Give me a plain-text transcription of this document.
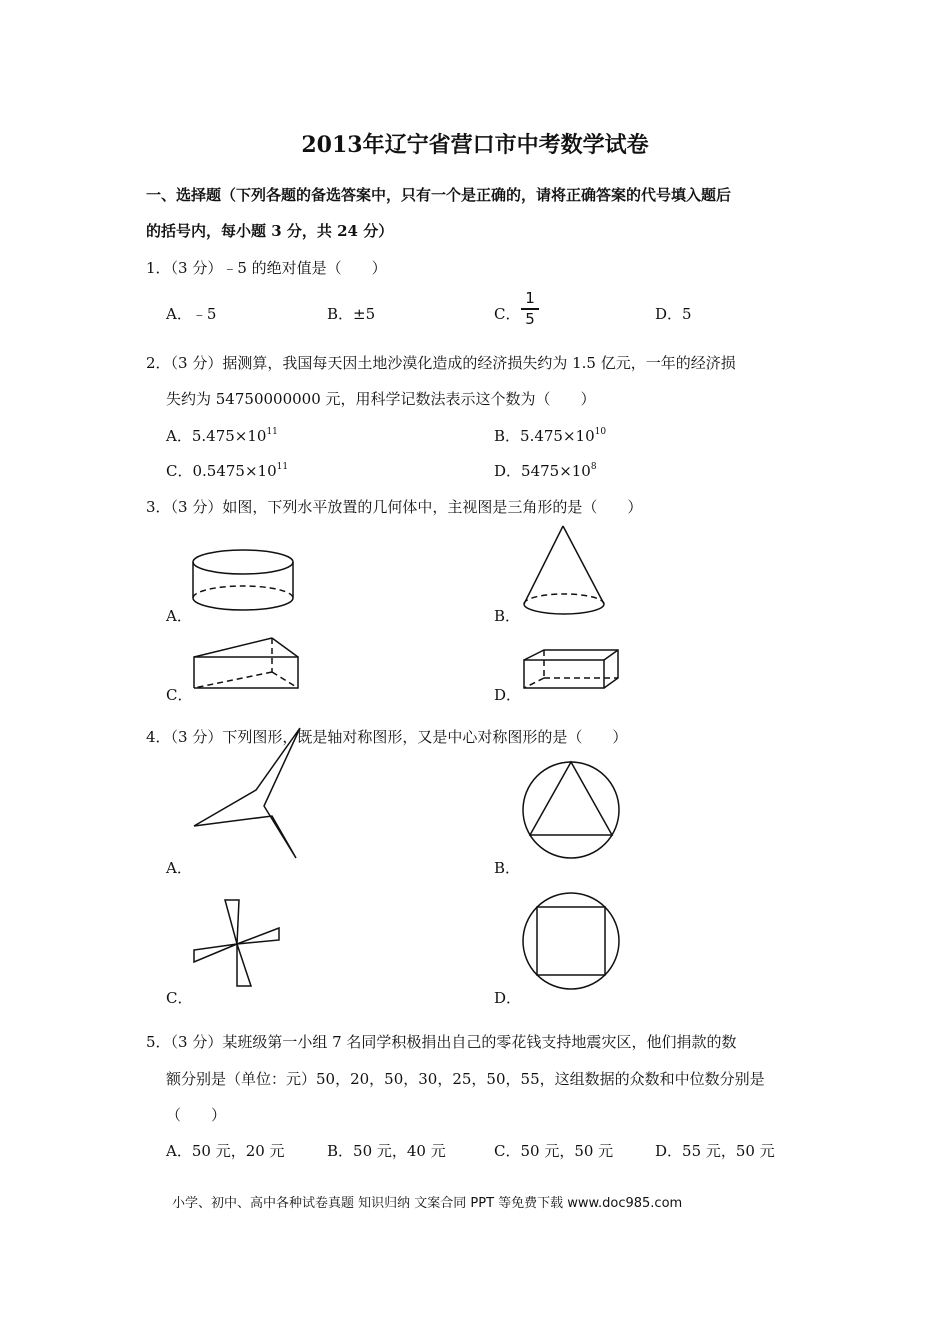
2013年辽宁省营口市中考数学试卷
一、选择题（下列各题的备选答案中，只有一个是正确的，请将正确答案的代号填入题后
的括号内，每小题 3 分，共 24 分）
1．（3 分）﹣5 的绝对值是（　　）
A．﹣5	B．±5	C．
1
5	D．5
2．（3 分）据测算，我国每天因土地沙漠化造成的经济损失约为 1.5 亿元，一年的经济损
失约为 54750000000 元，用科学记数法表示这个数为（　　）
A．$5.475\times 10^{11}$	B．$5.475\times 10^{10}$
C．$0.5475\times 10^{11}$	D．$5475\times 10^8$
3．（3 分）如图，下列水平放置的几何体中，主视图是三角形的是（　　）
A．	B．
C．	D．
4．（3 分）下列图形，既是轴对称图形，又是中心对称图形的是（　　）
A．	B．
C．	D．
5．（3 分）某班级第一小组 7 名同学积极捐出自己的零花钱支持地震灾区，他们捐款的数
额分别是（单位：元）50，20，50，30，25，50，55，这组数据的众数和中位数分别是
（　　）
A．50 元，20 元	B．50 元，40 元	C．50 元，50 元	D．55 元，50 元
小学、初中、高中各种试卷真题 知识归纳 文案合同 PPT 等免费下载 www.doc985.com
